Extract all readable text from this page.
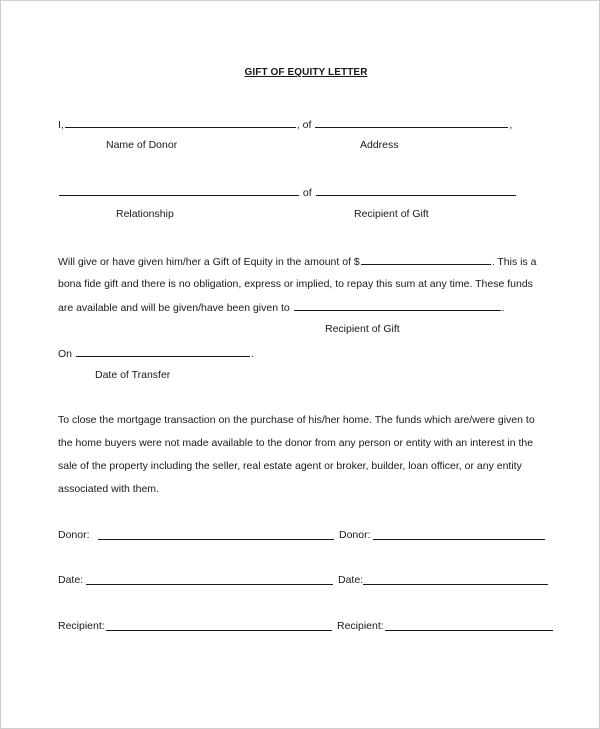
GIFT OF EQUITY LETTER
I,	, of	,
Name of Donor	Address
of
Relationship	Recipient of Gift
Will give or have given him/her a Gift of Equity in the amount of $	. This is a
bona fide gift and there is no obligation, express or implied, to repay this sum at any time. These funds
are available and will be given/have been given to	.
Recipient of Gift
On	.
Date of Transfer
To close the mortgage transaction on the purchase of his/her home. The funds which are/were given to
the home buyers were not made available to the donor from any person or entity with an interest in the
sale of the property including the seller, real estate agent or broker, builder, loan officer, or any entity
associated with them.
Donor:	Donor:
Date:	Date:
Recipient:	Recipient:
